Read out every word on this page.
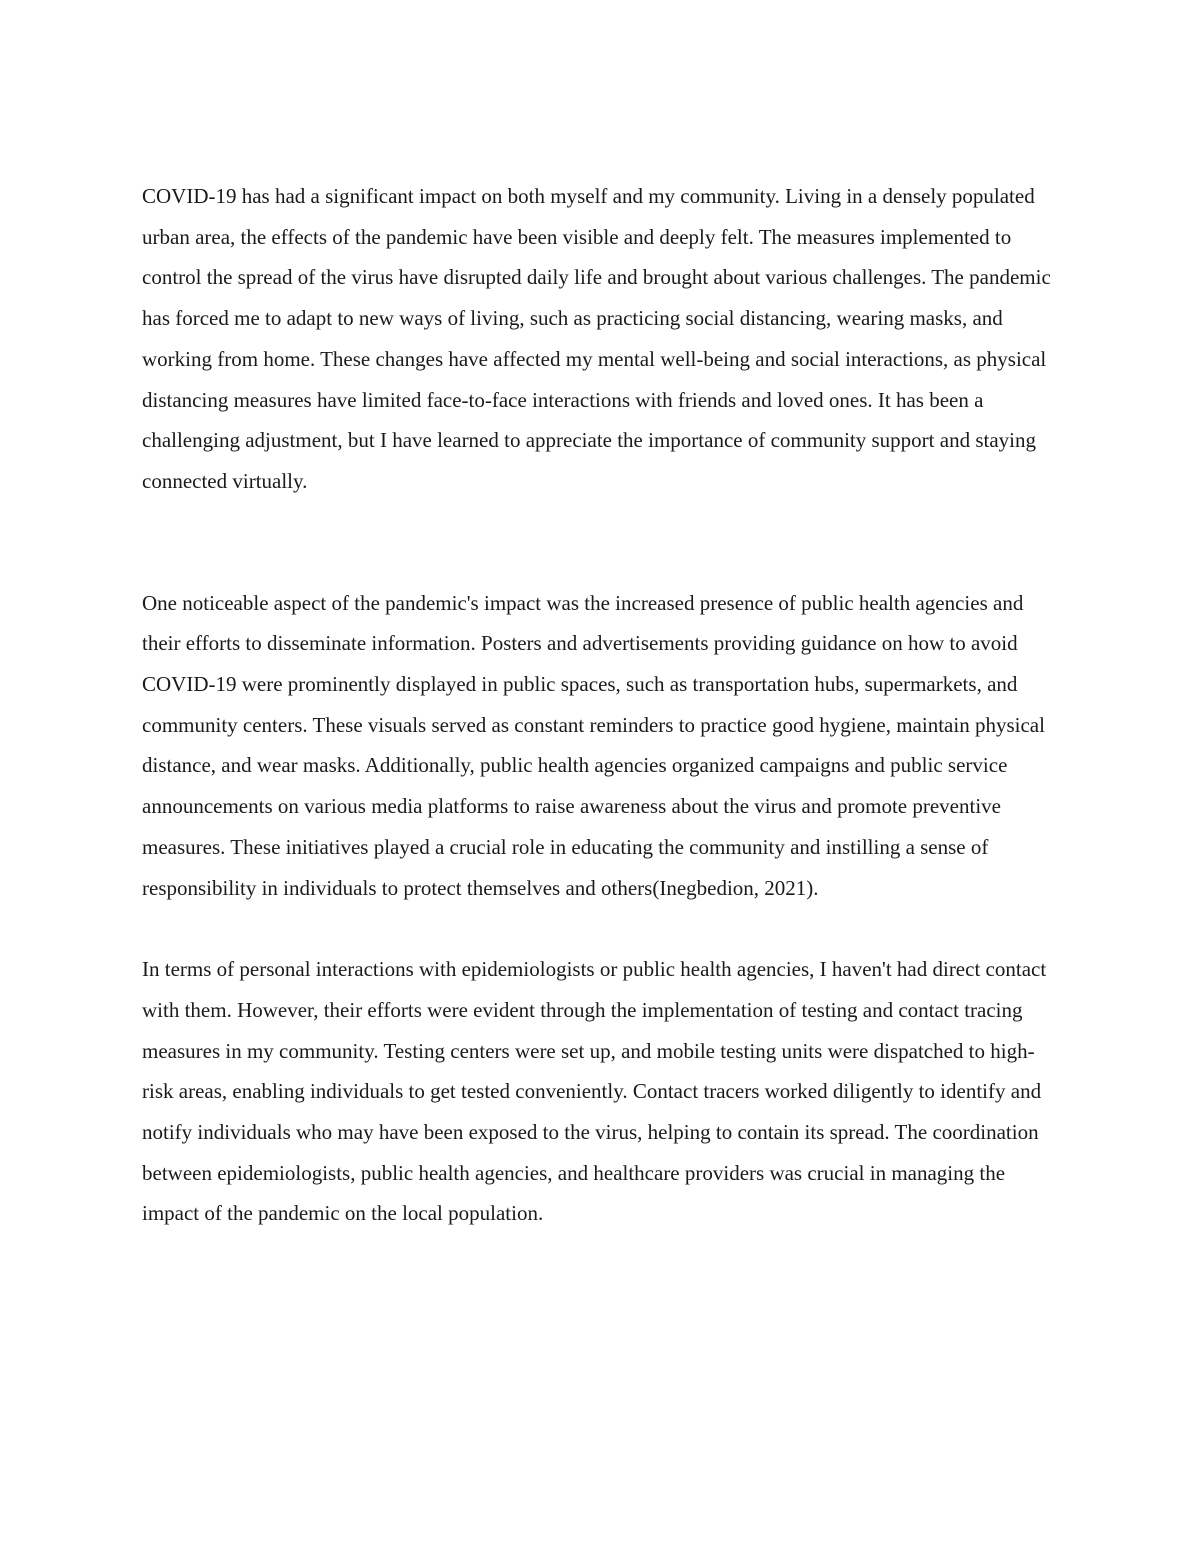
COVID-19 has had a significant impact on both myself and my community. Living in a densely populated urban area, the effects of the pandemic have been visible and deeply felt. The measures implemented to control the spread of the virus have disrupted daily life and brought about various challenges. The pandemic has forced me to adapt to new ways of living, such as practicing social distancing, wearing masks, and working from home. These changes have affected my mental well-being and social interactions, as physical distancing measures have limited face-to-face interactions with friends and loved ones. It has been a challenging adjustment, but I have learned to appreciate the importance of community support and staying connected virtually.

One noticeable aspect of the pandemic's impact was the increased presence of public health agencies and their efforts to disseminate information. Posters and advertisements providing guidance on how to avoid COVID-19 were prominently displayed in public spaces, such as transportation hubs, supermarkets, and community centers. These visuals served as constant reminders to practice good hygiene, maintain physical distance, and wear masks. Additionally, public health agencies organized campaigns and public service announcements on various media platforms to raise awareness about the virus and promote preventive measures. These initiatives played a crucial role in educating the community and instilling a sense of responsibility in individuals to protect themselves and others(Inegbedion, 2021).

In terms of personal interactions with epidemiologists or public health agencies, I haven't had direct contact with them. However, their efforts were evident through the implementation of testing and contact tracing measures in my community. Testing centers were set up, and mobile testing units were dispatched to high-risk areas, enabling individuals to get tested conveniently. Contact tracers worked diligently to identify and notify individuals who may have been exposed to the virus, helping to contain its spread. The coordination between epidemiologists, public health agencies, and healthcare providers was crucial in managing the impact of the pandemic on the local population.
